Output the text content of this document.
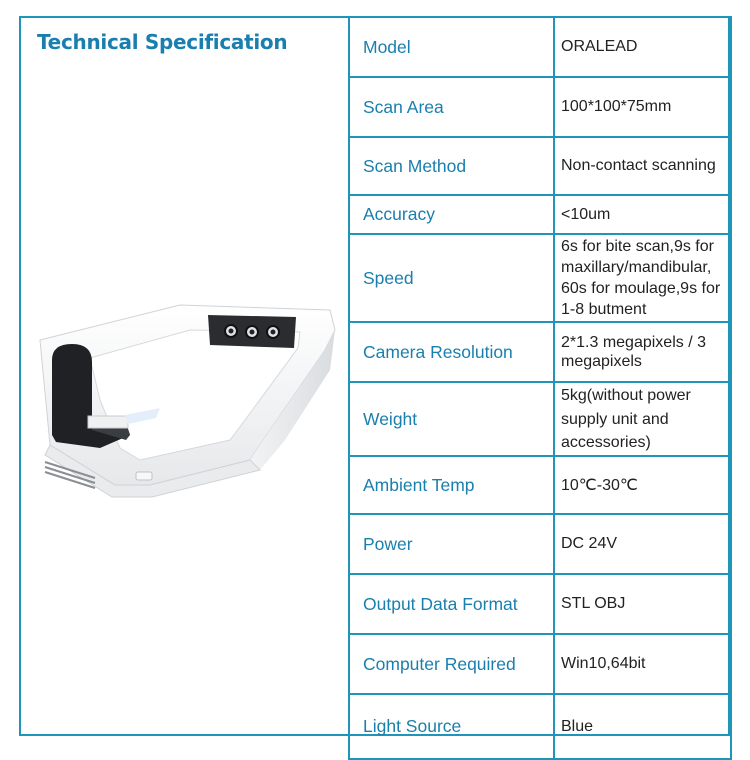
Technical Specification	Model	ORALEAD
Scan Area	100*100*75mm
Scan Method	Non-contact scanning
Accuracy	<10um
Speed	6s for bite scan,9s for maxillary/mandibular, 60s for moulage,9s for 1-8 butment
Camera Resolution	2*1.3 megapixels / 3 megapixels
Weight	5kg(without power supply unit and accessories)
Ambient Temp	10℃-30℃
Power	DC 24V
Output Data Format	STL OBJ
Computer Required	Win10,64bit
Light Source	Blue
